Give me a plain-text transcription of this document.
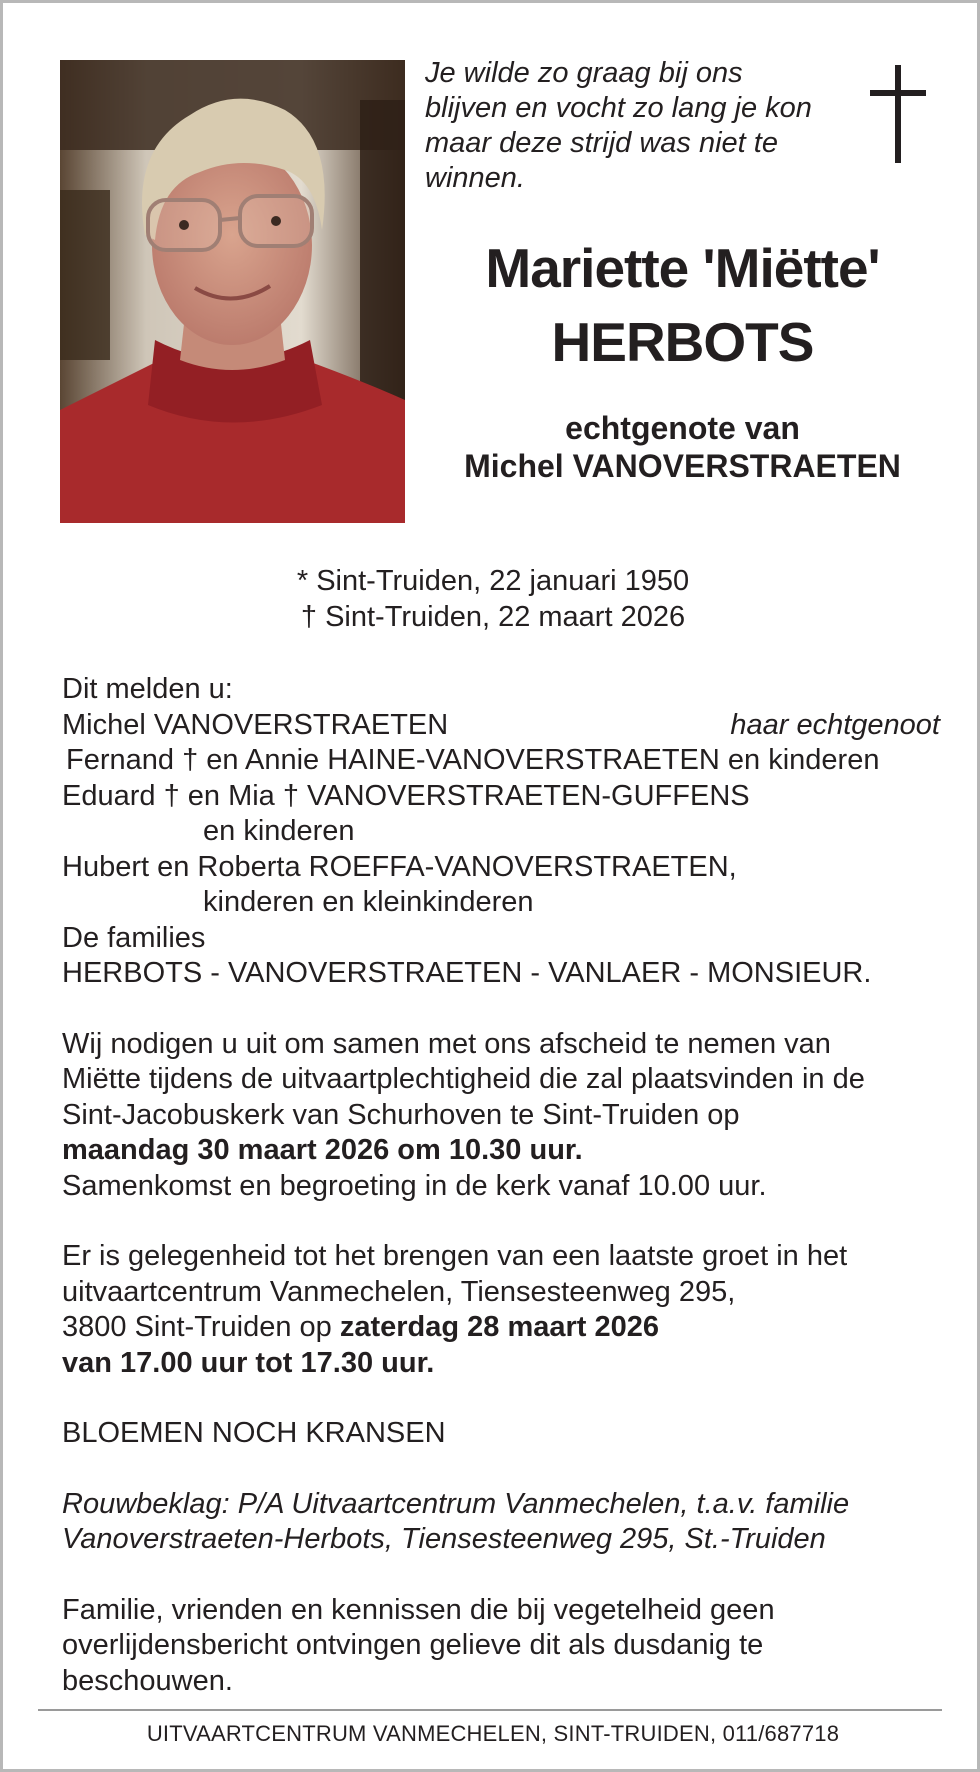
Je wilde zo graag bij ons
blijven en vocht zo lang je kon
maar deze strijd was niet te
winnen.
Mariette 'Miëtte'
HERBOTS
echtgenote van
Michel VANOVERSTRAETEN
* Sint-Truiden, 22 januari 1950
† Sint-Truiden, 22 maart 2026
Dit melden u:
Michel VANOVERSTRAETEN	haar echtgenoot
Fernand † en Annie HAINE-VANOVERSTRAETEN en kinderen
Eduard † en Mia † VANOVERSTRAETEN-GUFFENS
en kinderen
Hubert en Roberta ROEFFA-VANOVERSTRAETEN,
kinderen en kleinkinderen
De families
HERBOTS - VANOVERSTRAETEN - VANLAER - MONSIEUR.
Wij nodigen u uit om samen met ons afscheid te nemen van
Miëtte tijdens de uitvaartplechtigheid die zal plaatsvinden in de
Sint-Jacobuskerk van Schurhoven te Sint-Truiden op
maandag 30 maart 2026 om 10.30 uur.
Samenkomst en begroeting in de kerk vanaf 10.00 uur.
Er is gelegenheid tot het brengen van een laatste groet in het
uitvaartcentrum Vanmechelen, Tiensesteenweg 295,
3800 Sint-Truiden op zaterdag 28 maart 2026
van 17.00 uur tot 17.30 uur.
BLOEMEN NOCH KRANSEN
Rouwbeklag: P/A Uitvaartcentrum Vanmechelen, t.a.v. familie
Vanoverstraeten-Herbots, Tiensesteenweg 295, St.-Truiden
Familie, vrienden en kennissen die bij vegetelheid geen
overlijdensbericht ontvingen gelieve dit als dusdanig te
beschouwen.
UITVAARTCENTRUM VANMECHELEN, SINT-TRUIDEN, 011/687718
